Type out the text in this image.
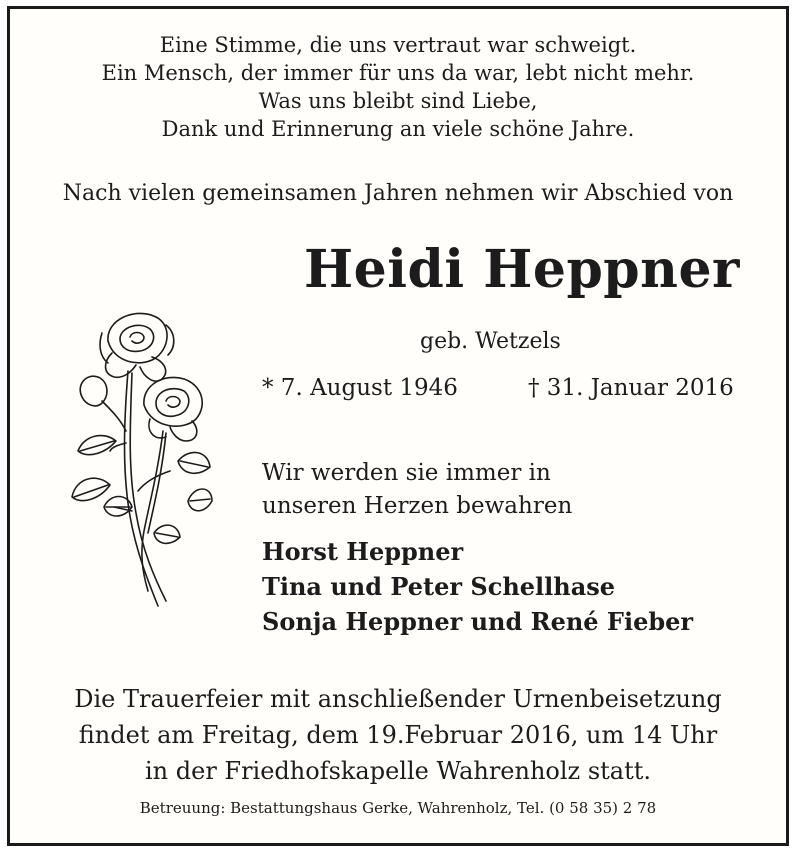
Eine Stimme, die uns vertraut war schweigt.
Ein Mensch, der immer für uns da war, lebt nicht mehr.
Was uns bleibt sind Liebe,
Dank und Erinnerung an viele schöne Jahre.
Nach vielen gemeinsamen Jahren nehmen wir Abschied von
Heidi Heppner
geb. Wetzels
* 7. August 1946	† 31. Januar 2016
Wir werden sie immer in
unseren Herzen bewahren
Horst Heppner
Tina und Peter Schellhase
Sonja Heppner und René Fieber
Die Trauerfeier mit anschließender Urnenbeisetzung
findet am Freitag, dem 19.Februar 2016, um 14 Uhr
in der Friedhofskapelle Wahrenholz statt.
Betreuung: Bestattungshaus Gerke, Wahrenholz, Tel. (0 58 35) 2 78
